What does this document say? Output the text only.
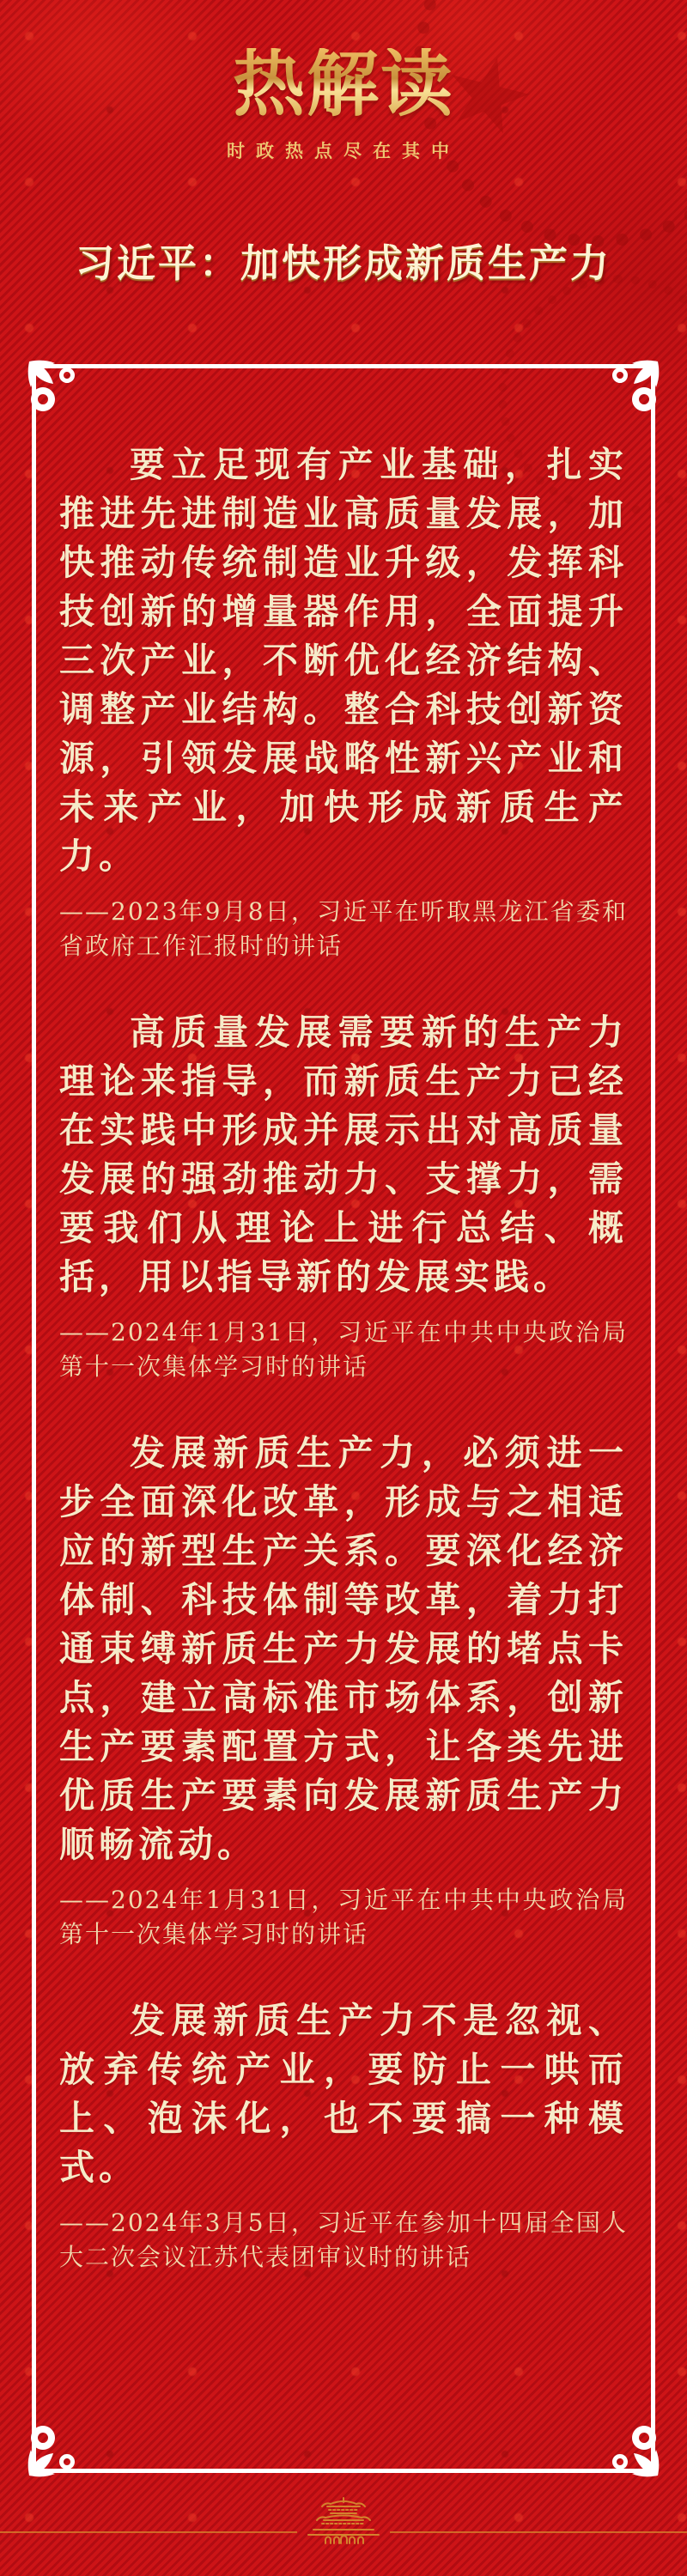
热解读
时政热点尽在其中
习近平：加快形成新质生产力

要立足现有产业基础，扎实推进先进制造业高质量发展，加快推动传统制造业升级，发挥科技创新的增量器作用，全面提升三次产业，不断优化经济结构、调整产业结构。整合科技创新资源，引领发展战略性新兴产业和未来产业，加快形成新质生产力。

——2023年9月8日，习近平在听取黑龙江省委和省政府工作汇报时的讲话

高质量发展需要新的生产力理论来指导，而新质生产力已经在实践中形成并展示出对高质量发展的强劲推动力、支撑力，需要我们从理论上进行总结、概括，用以指导新的发展实践。

——2024年1月31日，习近平在中共中央政治局第十一次集体学习时的讲话

发展新质生产力，必须进一步全面深化改革，形成与之相适应的新型生产关系。要深化经济体制、科技体制等改革，着力打通束缚新质生产力发展的堵点卡点，建立高标准市场体系，创新生产要素配置方式，让各类先进优质生产要素向发展新质生产力顺畅流动。

——2024年1月31日，习近平在中共中央政治局第十一次集体学习时的讲话

发展新质生产力不是忽视、放弃传统产业，要防止一哄而上、泡沫化，也不要搞一种模式。

——2024年3月5日，习近平在参加十四届全国人大二次会议江苏代表团审议时的讲话
